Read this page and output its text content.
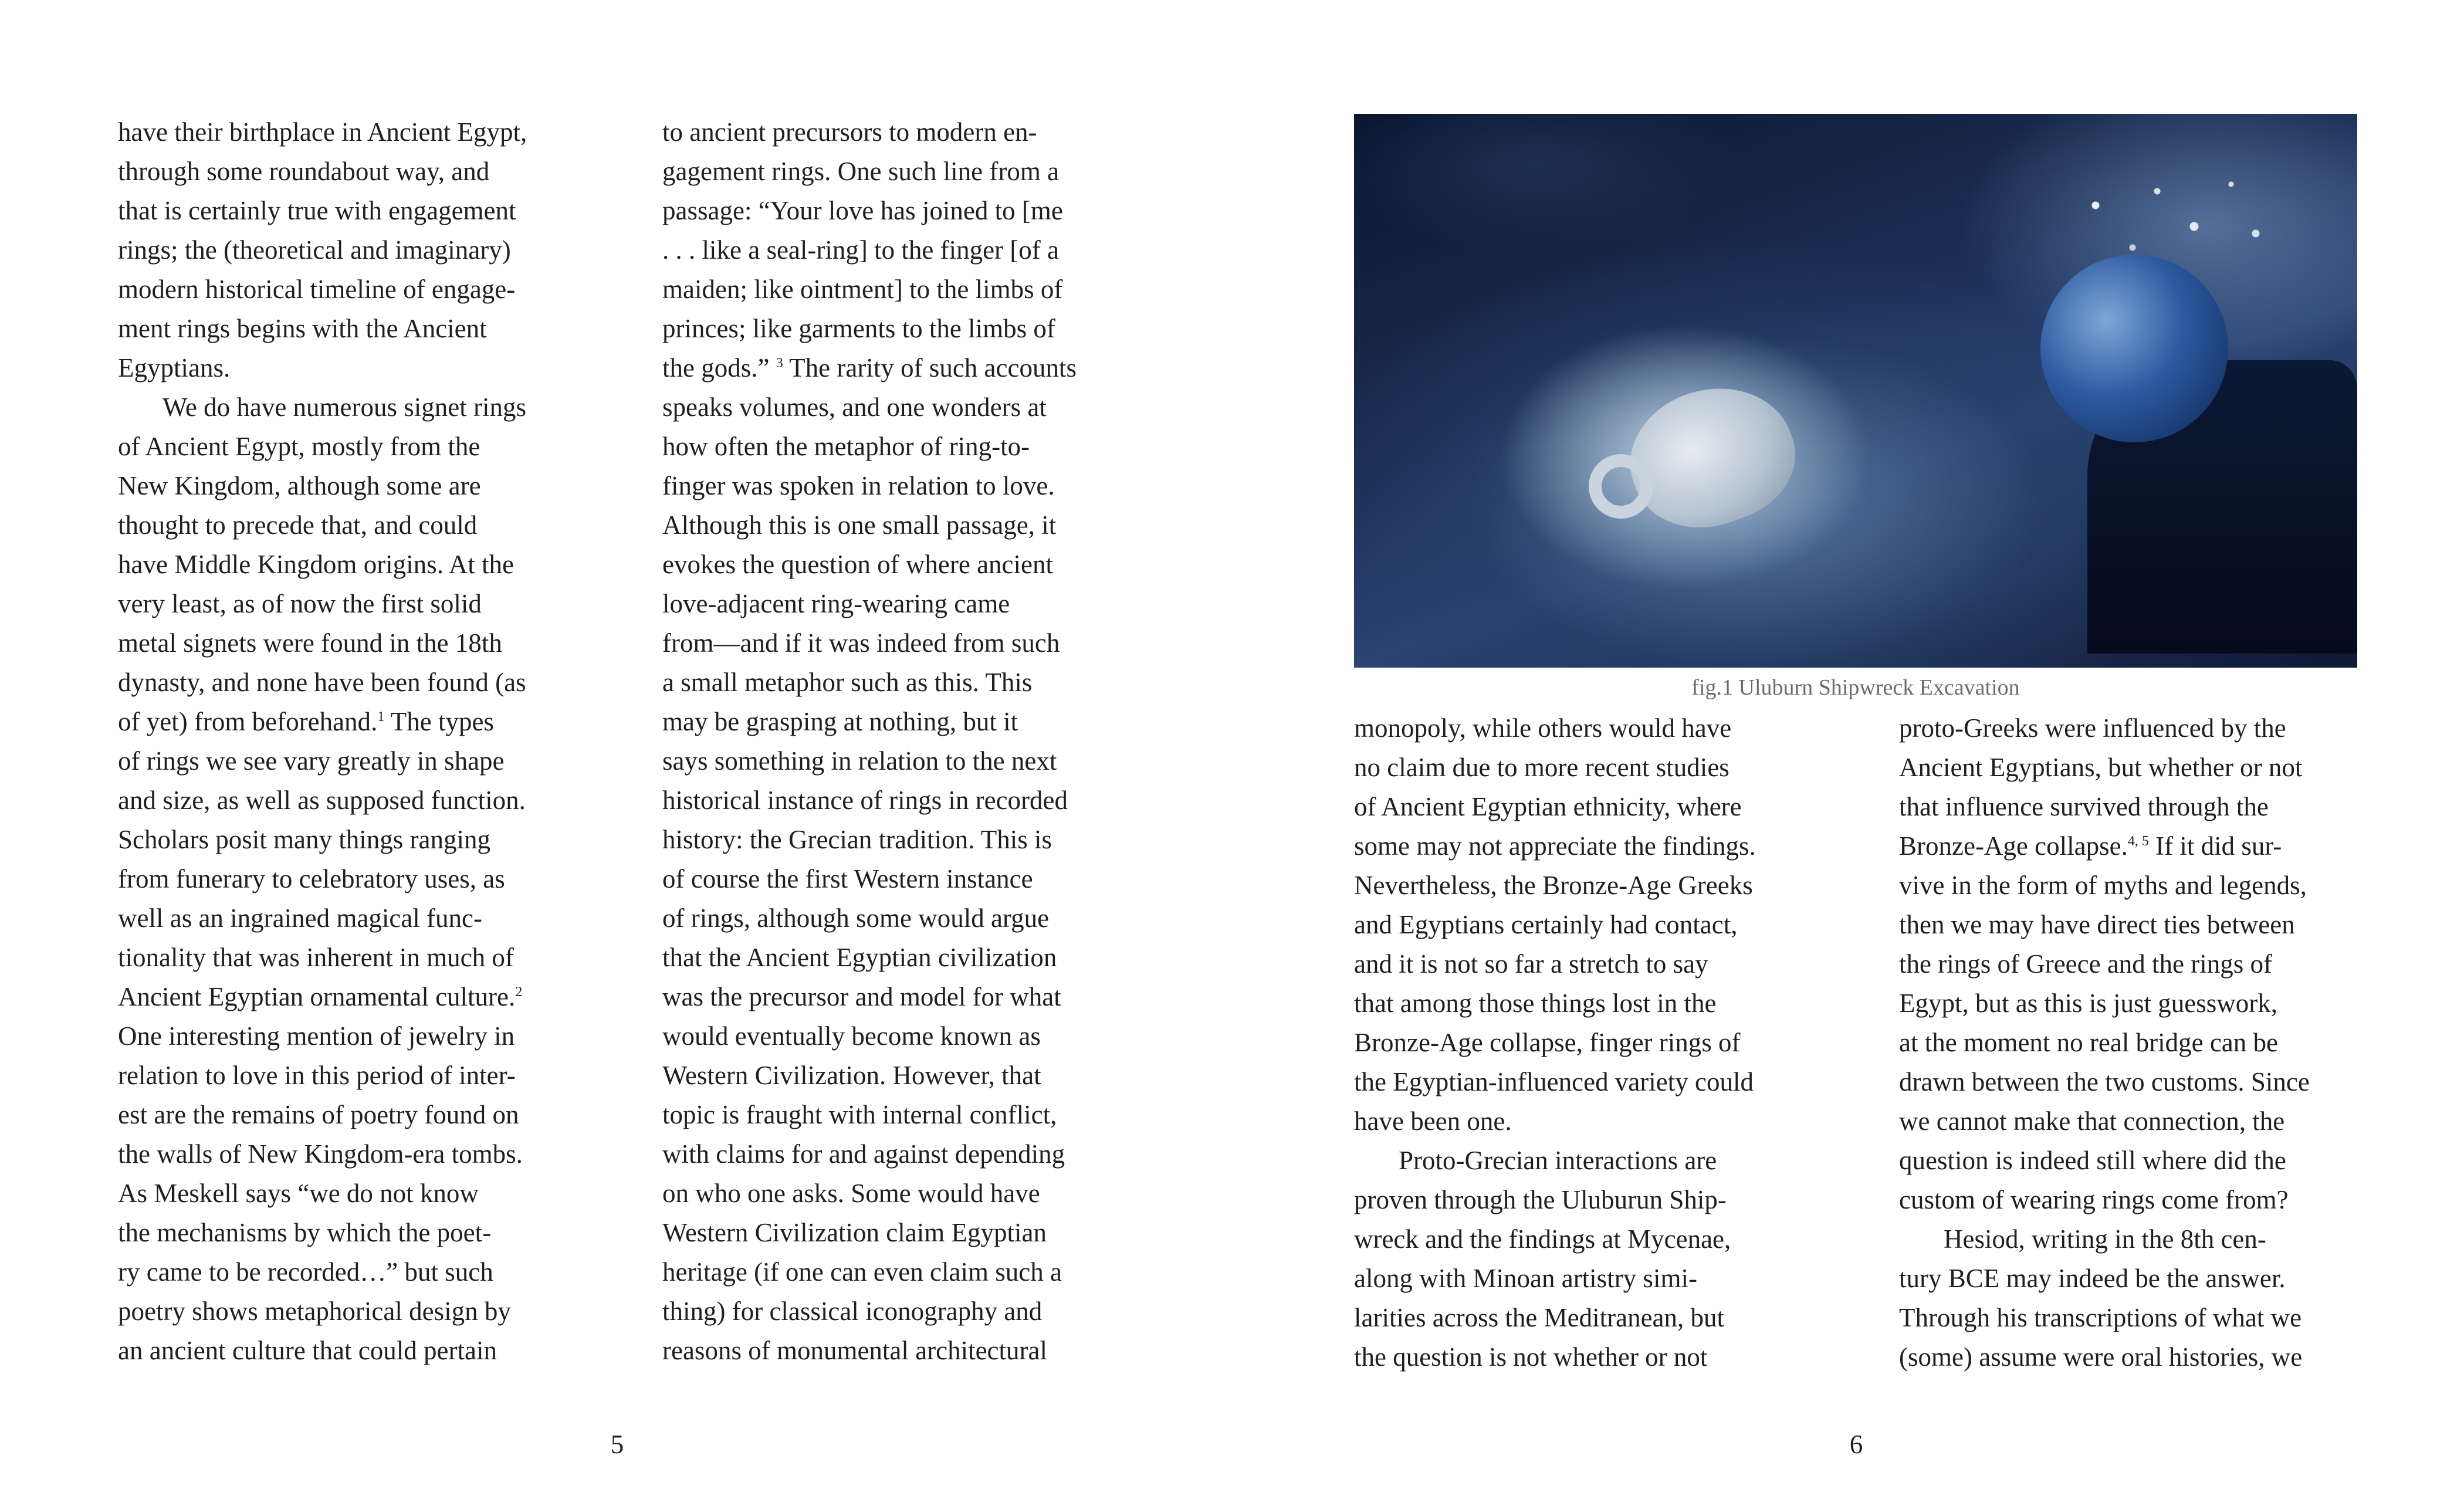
have their birthplace in Ancient Egypt,
through some roundabout way, and
that is certainly true with engagement
rings; the (theoretical and imaginary)
modern historical timeline of engage-
ment rings begins with the Ancient
Egyptians.
We do have numerous signet rings
of Ancient Egypt, mostly from the
New Kingdom, although some are
thought to precede that, and could
have Middle Kingdom origins. At the
very least, as of now the first solid
metal signets were found in the 18th
dynasty, and none have been found (as
of yet) from beforehand.$^1$ The types
of rings we see vary greatly in shape
and size, as well as supposed function.
Scholars posit many things ranging
from funerary to celebratory uses, as
well as an ingrained magical func-
tionality that was inherent in much of
Ancient Egyptian ornamental culture.$^2$
One interesting mention of jewelry in
relation to love in this period of inter-
est are the remains of poetry found on
the walls of New Kingdom-era tombs.
As Meskell says “we do not know
the mechanisms by which the poet-
ry came to be recorded…” but such
poetry shows metaphorical design by
an ancient culture that could pertain
to ancient precursors to modern en-
gagement rings. One such line from a
passage: “Your love has joined to [me
. . . like a seal-ring] to the finger [of a
maiden; like ointment] to the limbs of
princes; like garments to the limbs of
the gods.” $^3$ The rarity of such accounts
speaks volumes, and one wonders at
how often the metaphor of ring-to-
finger was spoken in relation to love.
Although this is one small passage, it
evokes the question of where ancient
love-adjacent ring-wearing came
from—and if it was indeed from such
a small metaphor such as this. This
may be grasping at nothing, but it
says something in relation to the next
historical instance of rings in recorded
history: the Grecian tradition. This is
of course the first Western instance
of rings, although some would argue
that the Ancient Egyptian civilization
was the precursor and model for what
would eventually become known as
Western Civilization. However, that
topic is fraught with internal conflict,
with claims for and against depending
on who one asks. Some would have
Western Civilization claim Egyptian
heritage (if one can even claim such a
thing) for classical iconography and
reasons of monumental architectural
5
fig.1 Uluburn Shipwreck Excavation
monopoly, while others would have
no claim due to more recent studies
of Ancient Egyptian ethnicity, where
some may not appreciate the findings.
Nevertheless, the Bronze-Age Greeks
and Egyptians certainly had contact,
and it is not so far a stretch to say
that among those things lost in the
Bronze-Age collapse, finger rings of
the Egyptian-influenced variety could
have been one.
Proto-Grecian interactions are
proven through the Uluburun Ship-
wreck and the findings at Mycenae,
along with Minoan artistry simi-
larities across the Meditranean, but
the question is not whether or not
proto-Greeks were influenced by the
Ancient Egyptians, but whether or not
that influence survived through the
Bronze-Age collapse.$^{4, 5}$ If it did sur-
vive in the form of myths and legends,
then we may have direct ties between
the rings of Greece and the rings of
Egypt, but as this is just guesswork,
at the moment no real bridge can be
drawn between the two customs. Since
we cannot make that connection, the
question is indeed still where did the
custom of wearing rings come from?
Hesiod, writing in the 8th cen-
tury BCE may indeed be the answer.
Through his transcriptions of what we
(some) assume were oral histories, we
6
